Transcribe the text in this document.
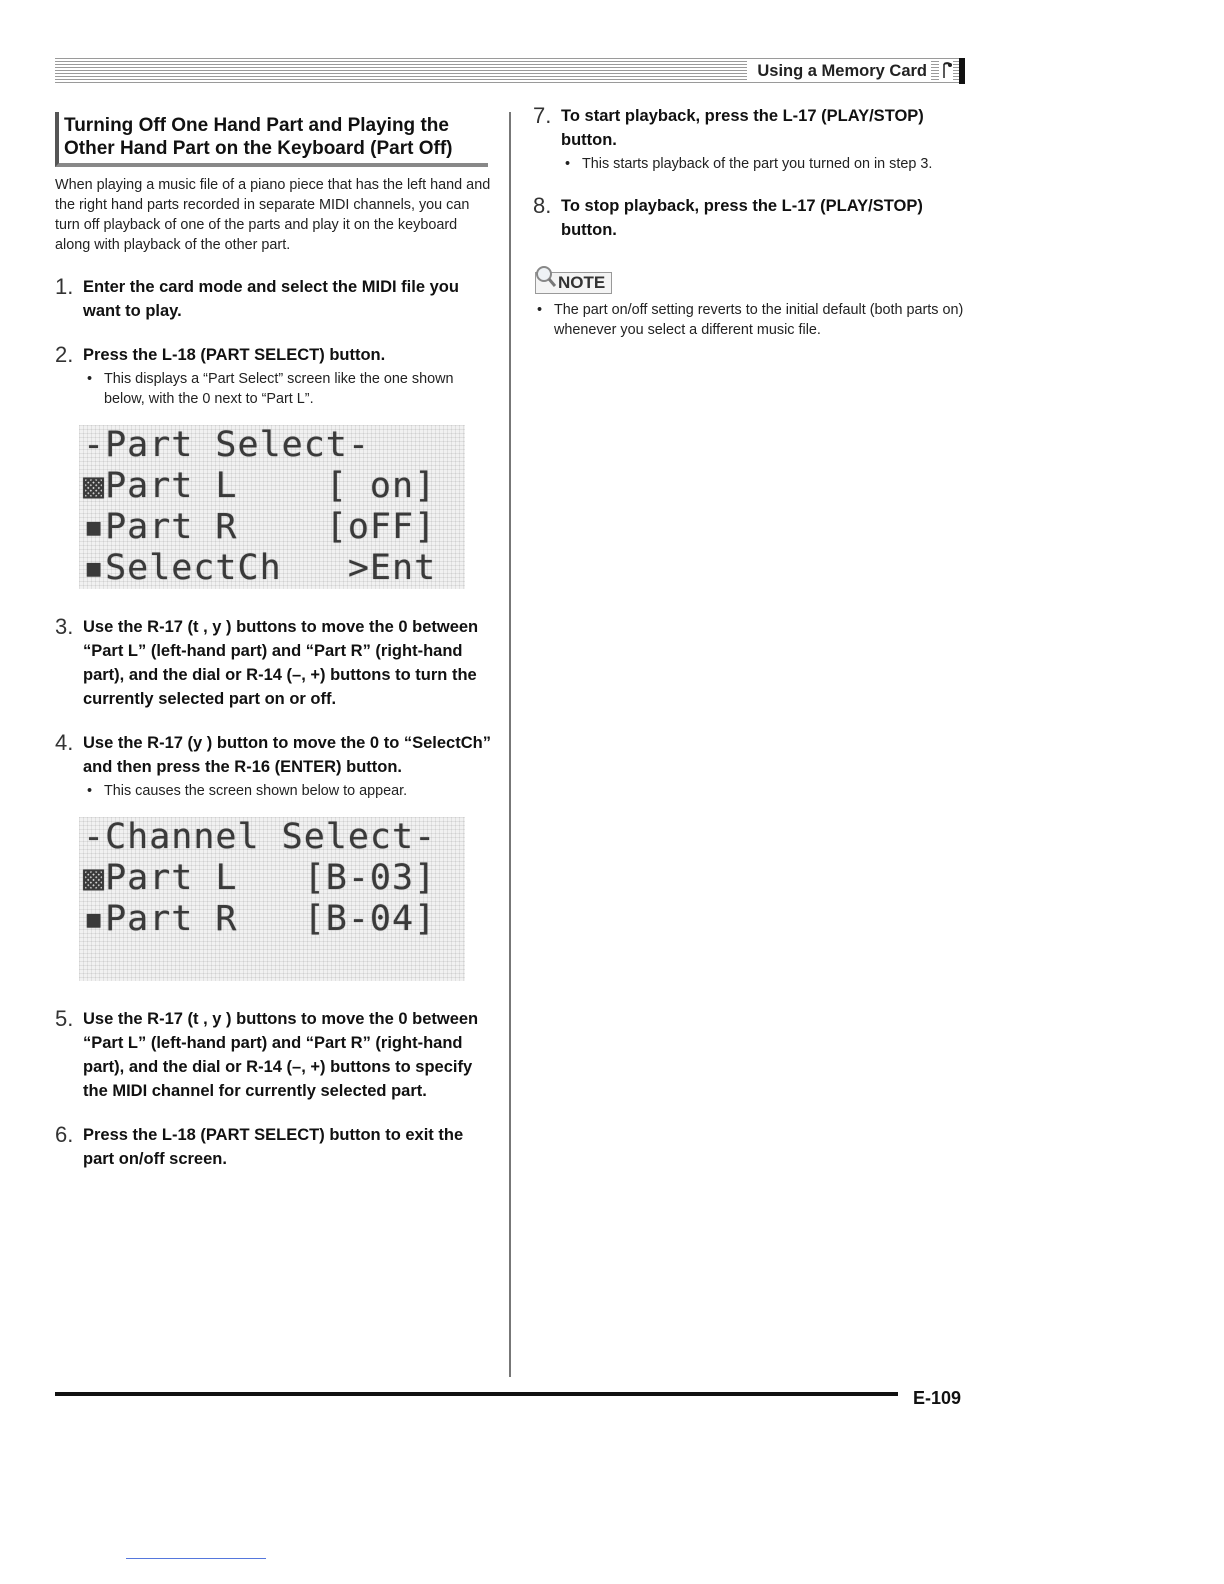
Using a Memory Card
Turning Off One Hand Part and Playing the
Other Hand Part on the Keyboard (Part Off)

When playing a music file of a piano piece that has the left hand and the right hand parts recorded in separate MIDI channels, you can turn off playback of one of the parts and play it on the keyboard along with playback of the other part.

1. Enter the card mode and select the MIDI file you want to play.
2. Press the L-18 (PART SELECT) button.
• This displays a “Part Select” screen like the one shown below, with the 0 next to “Part L”.
-Part Select-
▩Part L    [ on]
▪Part R    [oFF]
▪SelectCh   >Ent
3. Use the R-17 (t , y ) buttons to move the 0 between “Part L” (left-hand part) and “Part R” (right-hand part), and the dial or R-14 (–, +) buttons to turn the currently selected part on or off.
4. Use the R-17 (y ) button to move the 0 to “SelectCh” and then press the R-16 (ENTER) button.
• This causes the screen shown below to appear.
-Channel Select-
▩Part L   [B-03]
▪Part R   [B-04]
5. Use the R-17 (t , y ) buttons to move the 0 between “Part L” (left-hand part) and “Part R” (right-hand part), and the dial or R-14 (–, +) buttons to specify the MIDI channel for currently selected part.
6. Press the L-18 (PART SELECT) button to exit the part on/off screen.
7. To start playback, press the L-17 (PLAY/STOP) button.
• This starts playback of the part you turned on in step 3.
8. To stop playback, press the L-17 (PLAY/STOP) button.
NOTE
• The part on/off setting reverts to the initial default (both parts on) whenever you select a different music file.
E-109
